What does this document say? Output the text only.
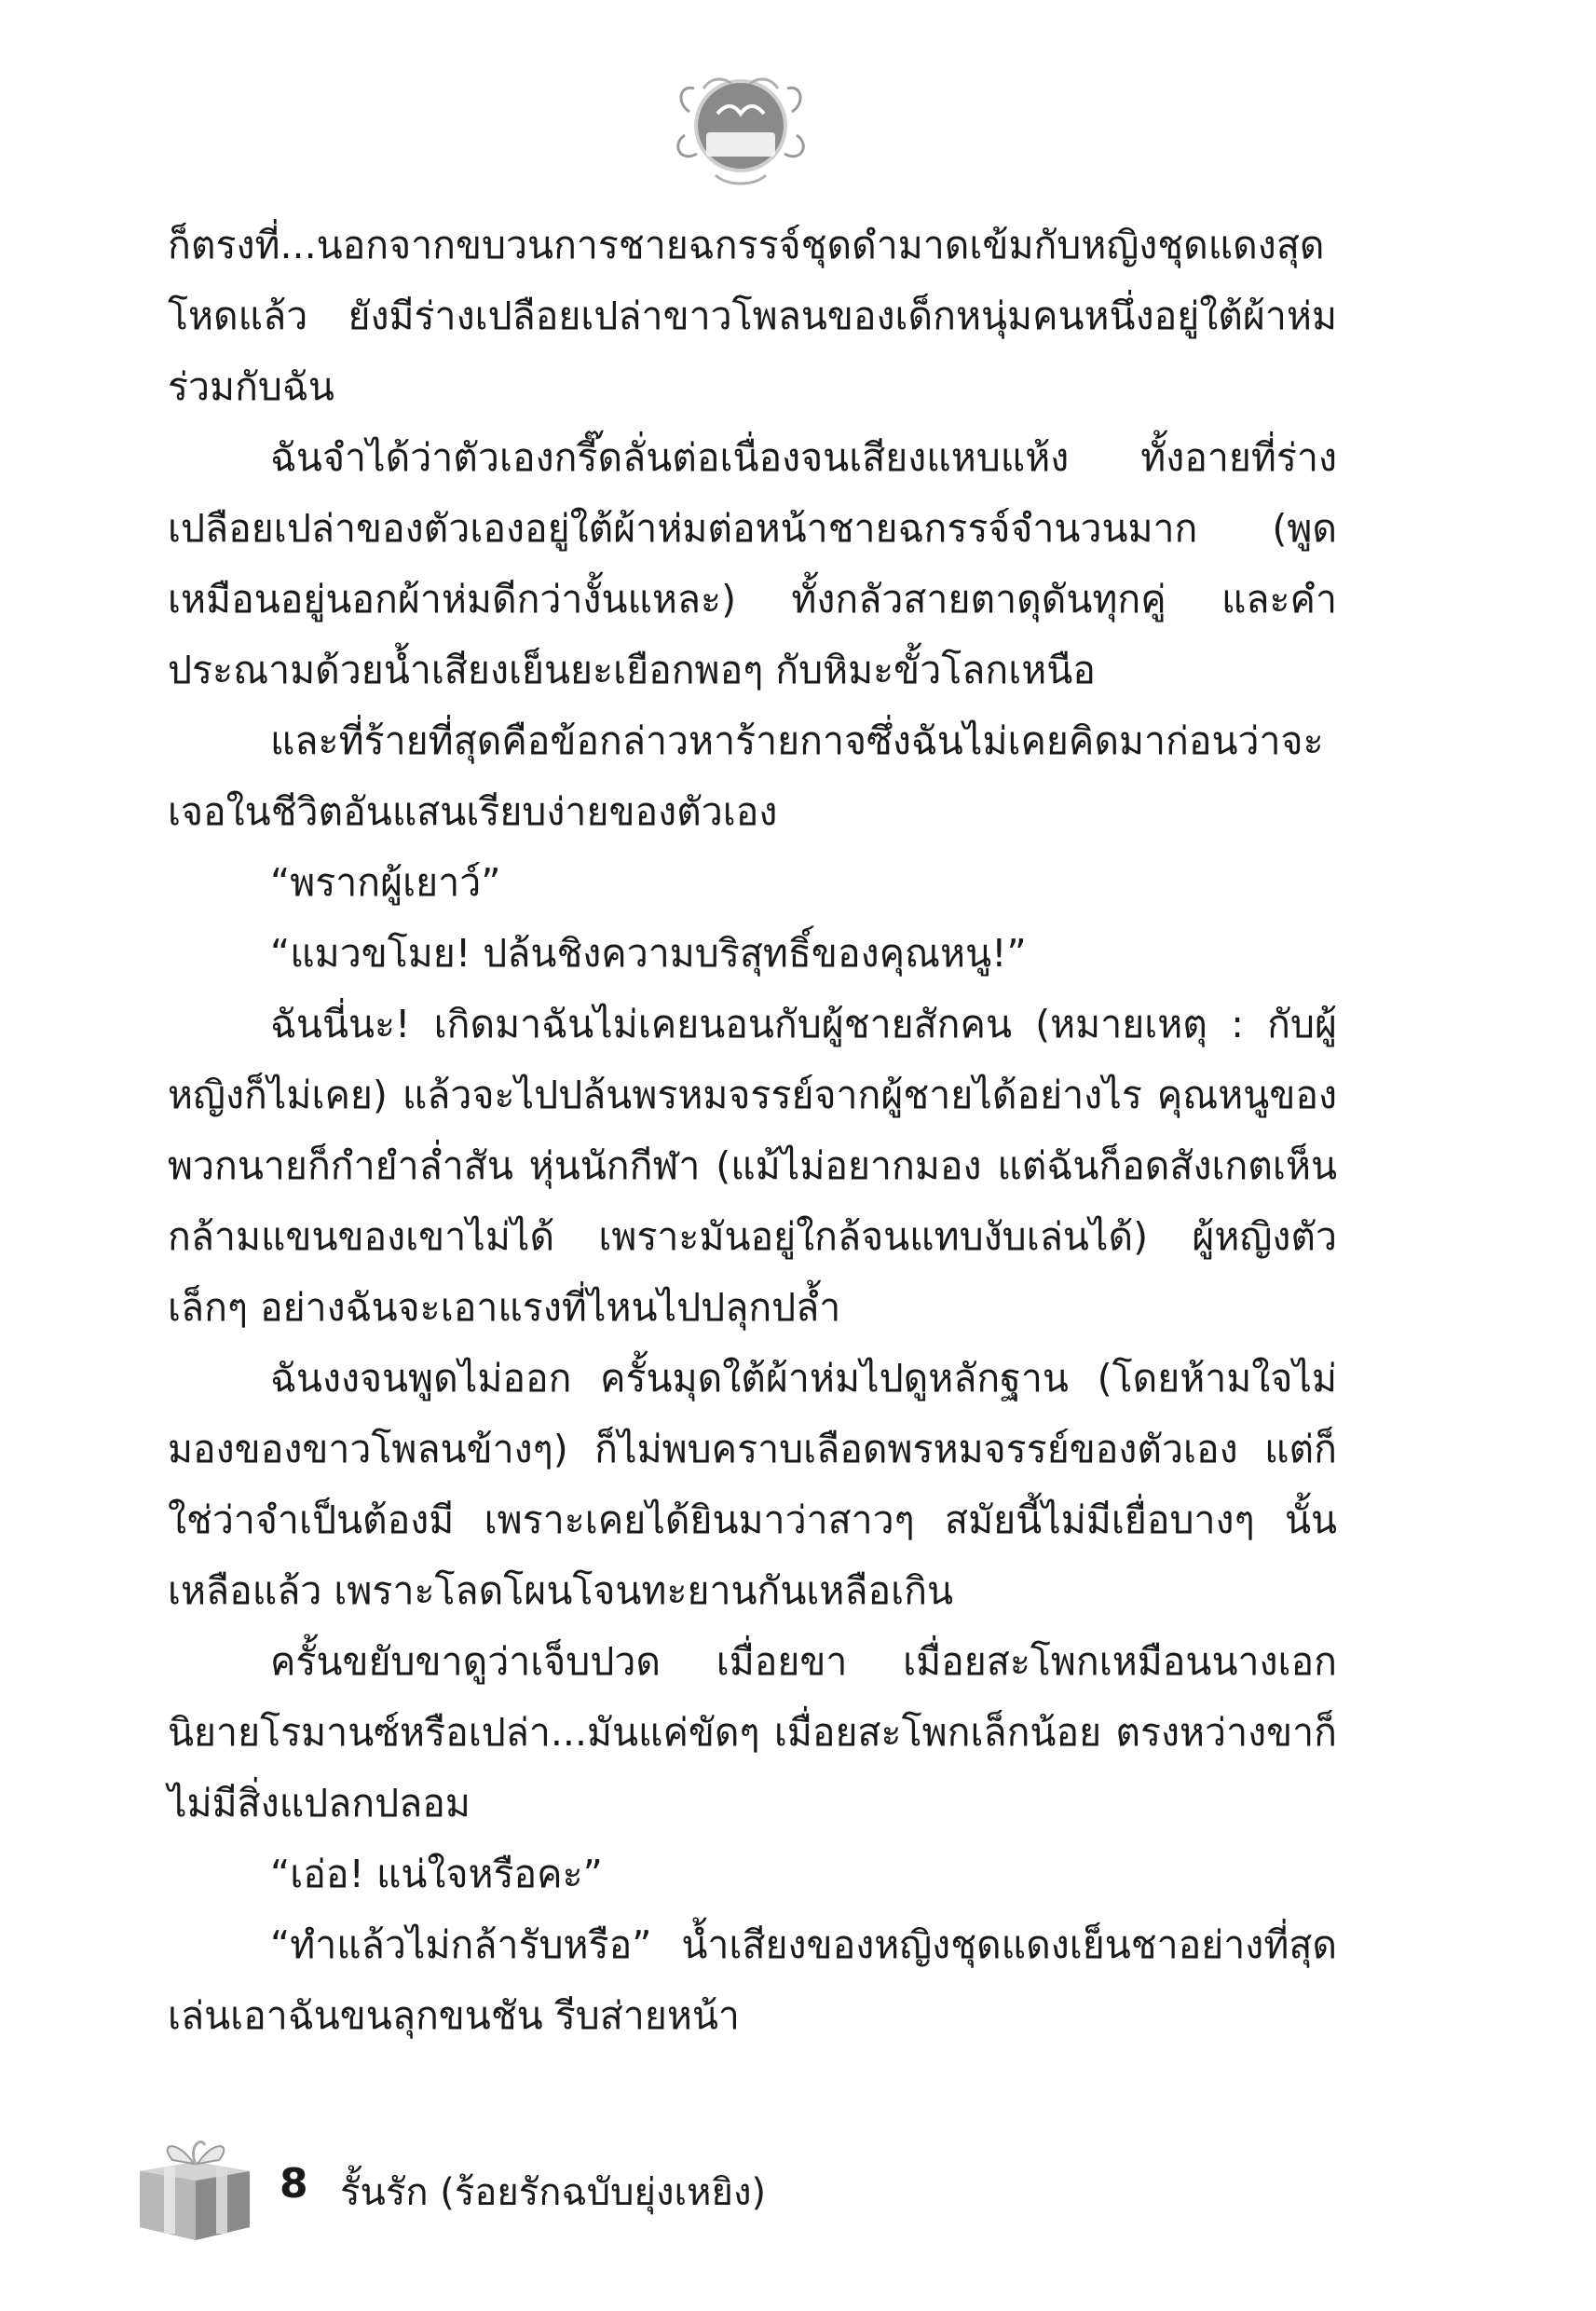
ก็ตรงที่...นอกจากขบวนการชายฉกรรจ์ชุดดำมาดเข้มกับหญิงชุดแดงสุดโหดแล้ว ยังมีร่างเปลือยเปล่าขาวโพลนของเด็กหนุ่มคนหนึ่งอยู่ใต้ผ้าห่มร่วมกับฉัน

ฉันจำได้ว่าตัวเองกรี๊ดลั่นต่อเนื่องจนเสียงแหบแห้ง ทั้งอายที่ร่างเปลือยเปล่าของตัวเองอยู่ใต้ผ้าห่มต่อหน้าชายฉกรรจ์จำนวนมาก (พูดเหมือนอยู่นอกผ้าห่มดีกว่างั้นแหละ) ทั้งกลัวสายตาดุดันทุกคู่ และคำประณามด้วยน้ำเสียงเย็นยะเยือกพอๆ กับหิมะขั้วโลกเหนือ

และที่ร้ายที่สุดคือข้อกล่าวหาร้ายกาจซึ่งฉันไม่เคยคิดมาก่อนว่าจะเจอในชีวิตอันแสนเรียบง่ายของตัวเอง

“พรากผู้เยาว์”

“แมวขโมย! ปล้นชิงความบริสุทธิ์ของคุณหนู!”

ฉันนี่นะ! เกิดมาฉันไม่เคยนอนกับผู้ชายสักคน (หมายเหตุ : กับผู้หญิงก็ไม่เคย) แล้วจะไปปล้นพรหมจรรย์จากผู้ชายได้อย่างไร คุณหนูของพวกนายก็กำยำล่ำสัน หุ่นนักกีฬา (แม้ไม่อยากมอง แต่ฉันก็อดสังเกตเห็นกล้ามแขนของเขาไม่ได้ เพราะมันอยู่ใกล้จนแทบงับเล่นได้) ผู้หญิงตัวเล็กๆ อย่างฉันจะเอาแรงที่ไหนไปปลุกปล้ำ

ฉันงงจนพูดไม่ออก ครั้นมุดใต้ผ้าห่มไปดูหลักฐาน (โดยห้ามใจไม่มองของขาวโพลนข้างๆ) ก็ไม่พบคราบเลือดพรหมจรรย์ของตัวเอง แต่ก็ใช่ว่าจำเป็นต้องมี เพราะเคยได้ยินมาว่าสาวๆ สมัยนี้ไม่มีเยื่อบางๆ นั้นเหลือแล้ว เพราะโลดโผนโจนทะยานกันเหลือเกิน

ครั้นขยับขาดูว่าเจ็บปวด เมื่อยขา เมื่อยสะโพกเหมือนนางเอกนิยายโรมานซ์หรือเปล่า...มันแค่ขัดๆ เมื่อยสะโพกเล็กน้อย ตรงหว่างขาก็ไม่มีสิ่งแปลกปลอม

“เอ่อ! แน่ใจหรือคะ”

“ทำแล้วไม่กล้ารับหรือ” น้ำเสียงของหญิงชุดแดงเย็นชาอย่างที่สุด เล่นเอาฉันขนลุกขนชัน รีบส่ายหน้า

8 รั้นรัก (ร้อยรักฉบับยุ่งเหยิง)
